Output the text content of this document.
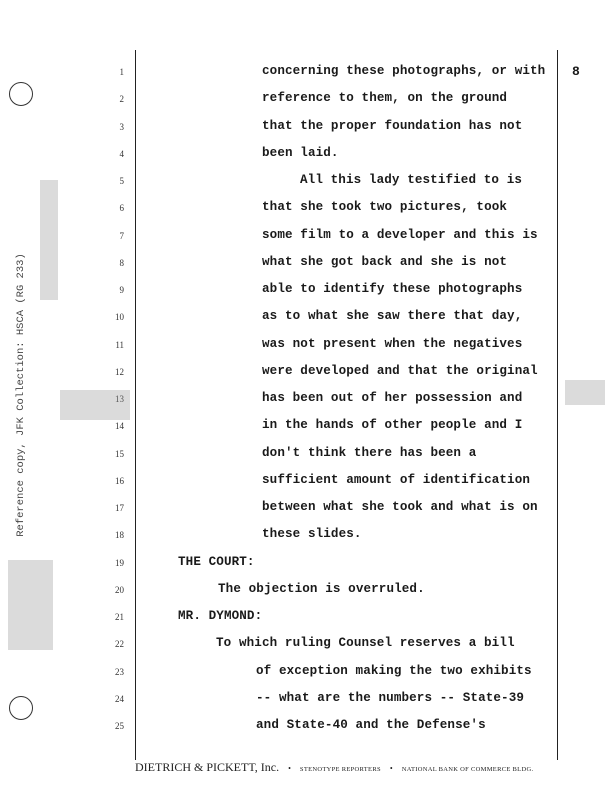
Reference copy, JFK Collection: HSCA (RG 233)
8
1	concerning these photographs, or with
2	reference to them, on the ground
3	that the proper foundation has not
4	been laid.
5	All this lady testified to is
6	that she took two pictures, took
7	some film to a developer and this is
8	what she got back and she is not
9	able to identify these photographs
10	as to what she saw there that day,
11	was not present when the negatives
12	were developed and that the original
13	has been out of her possession and
14	in the hands of other people and I
15	don't think there has been a
16	sufficient amount of identification
17	between what she took and what is on
18	these slides.
19	THE COURT:
20	The objection is overruled.
21	MR. DYMOND:
22	To which ruling Counsel reserves a bill
23	of exception making the two exhibits
24	-- what are the numbers -- State-39
25	and State-40 and the Defense's
DIETRICH & PICKETT, Inc. • STENOTYPE REPORTERS • NATIONAL BANK OF COMMERCE BLDG.
